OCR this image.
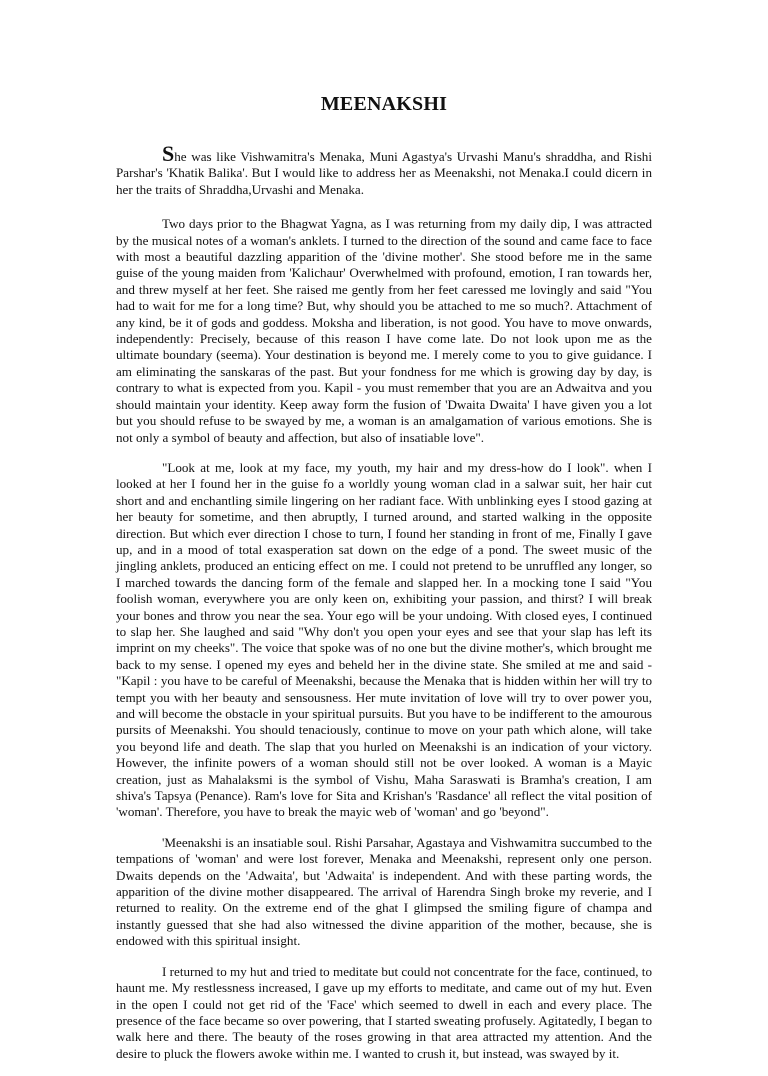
MEENAKSHI

She was like Vishwamitra's Menaka, Muni Agastya's Urvashi Manu's shraddha, and Rishi Parshar's 'Khatik Balika'. But I would like to address her as Meenakshi, not Menaka.I could dicern in her the traits of Shraddha,Urvashi and Menaka.

Two days prior to the Bhagwat Yagna, as I was returning from my daily dip, I was attracted by the musical notes of a woman's anklets. I turned to the direction of the sound and came face to face with most a beautiful dazzling apparition of the 'divine mother'. She stood before me in the same guise of the young maiden from 'Kalichaur' Overwhelmed with profound, emotion, I ran towards her, and threw myself at her feet. She raised me gently from her feet caressed me lovingly and said "You had to wait for me for a long time? But, why should you be attached to me so much?. Attachment of any kind, be it of gods and goddess. Moksha and liberation, is not good. You have to move onwards, independently: Precisely, because of this reason I have come late. Do not look upon me as the ultimate boundary (seema). Your destination is beyond me. I merely come to you to give guidance. I am eliminating the sanskaras of the past. But your fondness for me which is growing day by day, is contrary to what is expected from you. Kapil - you must remember that you are an Adwaitva and you should maintain your identity. Keep away form the fusion of 'Dwaita Dwaita' I have given you a lot but you should refuse to be swayed by me, a woman is an amalgamation of various emotions. She is not only a symbol of beauty and affection, but also of insatiable love".

"Look at me, look at my face, my youth, my hair and my dress-how do I look". when I looked at her I found her in the guise fo a worldly young woman clad in a salwar suit, her hair cut short and and enchantling simile lingering on her radiant face. With unblinking eyes I stood gazing at her beauty for sometime, and then abruptly, I turned around, and started walking in the opposite direction. But which ever direction I chose to turn, I found her standing in front of me, Finally I gave up, and in a mood of total exasperation sat down on the edge of a pond. The sweet music of the jingling anklets, produced an enticing effect on me. I could not pretend to be unruffled any longer, so I marched towards the dancing form of the female and slapped her. In a mocking tone I said "You foolish woman, everywhere you are only keen on, exhibiting your passion, and thirst? I will break your bones and throw you near the sea. Your ego will be your undoing. With closed eyes, I continued to slap her. She laughed and said "Why don't you open your eyes and see that your slap has left its imprint on my cheeks". The voice that spoke was of no one but the divine mother's, which brought me back to my sense. I opened my eyes and beheld her in the divine state. She smiled at me and said - "Kapil : you have to be careful of Meenakshi, because the Menaka that is hidden within her will try to tempt you with her beauty and sensousness. Her mute invitation of love will try to over power you, and will become the obstacle in your spiritual pursuits. But you have to be indifferent to the amourous pursits of Meenakshi. You should tenaciously, continue to move on your path which alone, will take you beyond life and death. The slap that you hurled on Meenakshi is an indication of your victory. However, the infinite powers of a woman should still not be over looked. A woman is a Mayic creation, just as Mahalaksmi is the symbol of Vishu, Maha Saraswati is Bramha's creation, I am shiva's Tapsya (Penance). Ram's love for Sita and Krishan's 'Rasdance' all reflect the vital position of 'woman'. Therefore, you have to break the mayic web of 'woman' and go 'beyond".

'Meenakshi is an insatiable soul. Rishi Parsahar, Agastaya and Vishwamitra succumbed to the tempations of 'woman' and were lost forever, Menaka and Meenakshi, represent only one person. Dwaits depends on the 'Adwaita', but 'Adwaita' is independent. And with these parting words, the apparition of the divine mother disappeared. The arrival of Harendra Singh broke my reverie, and I returned to reality. On the extreme end of the ghat I glimpsed the smiling figure of champa and instantly guessed that she had also witnessed the divine apparition of the mother, because, she is endowed with this spiritual insight.

I returned to my hut and tried to meditate but could not concentrate for the face, continued, to haunt me. My restlessness increased, I gave up my efforts to meditate, and came out of my hut. Even in the open I could not get rid of the 'Face' which seemed to dwell in each and every place. The presence of the face became so over powering, that I started sweating profusely. Agitatedly, I began to walk here and there. The beauty of the roses growing in that area attracted my attention. And the desire to pluck the flowers awoke within me. I wanted to crush it, but instead, was swayed by it.
